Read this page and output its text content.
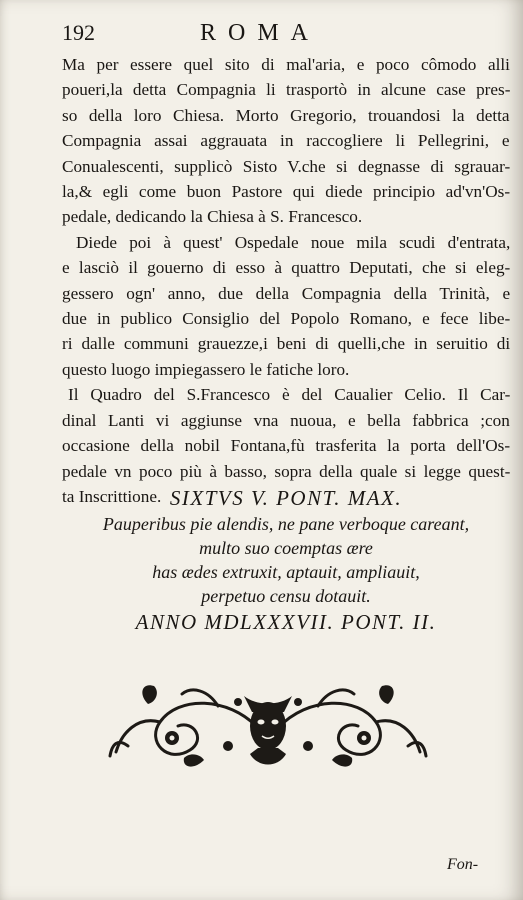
192	ROMA
Ma per essere quel sito di mal'aria, e poco cômodo alli
poueri,la detta Compagnia li trasportò in alcune case pres-
so della loro Chiesa. Morto Gregorio, trouandosi la detta
Compagnia assai aggrauata in raccogliere li Pellegrini, e
Conualescenti, supplicò Sisto V.che si degnasse di sgrauar-
la,& egli come buon Pastore qui diede principio ad'vn'Os-
pedale, dedicando la Chiesa à S. Francesco.
Diede poi à quest' Ospedale noue mila scudi d'entrata,
e lasciò il gouerno di esso à quattro Deputati, che si eleg-
gessero ogn' anno, due della Compagnia della Trinità, e
due in publico Consiglio del Popolo Romano, e fece libe-
ri dalle communi grauezze,i beni di quelli,che in seruitio di
questo luogo impiegassero le fatiche loro.
Il Quadro del S.Francesco è del Caualier Celio. Il Car-
dinal Lanti vi aggiunse vna nuoua, e bella fabbrica ;con
occasione della nobil Fontana,fù trasferita la porta dell'Os-
pedale vn poco più à basso, sopra della quale si legge quest-
ta Inscrittione. SIXTVS V. PONT. MAX.
Pauperibus pie alendis, ne pane verboque careant,
multo suo coemptas ære
has ædes extruxit, aptauit, ampliauit,
perpetuo censu dotauit.
ANNO MDLXXXVII. PONT. II.
Fon-
